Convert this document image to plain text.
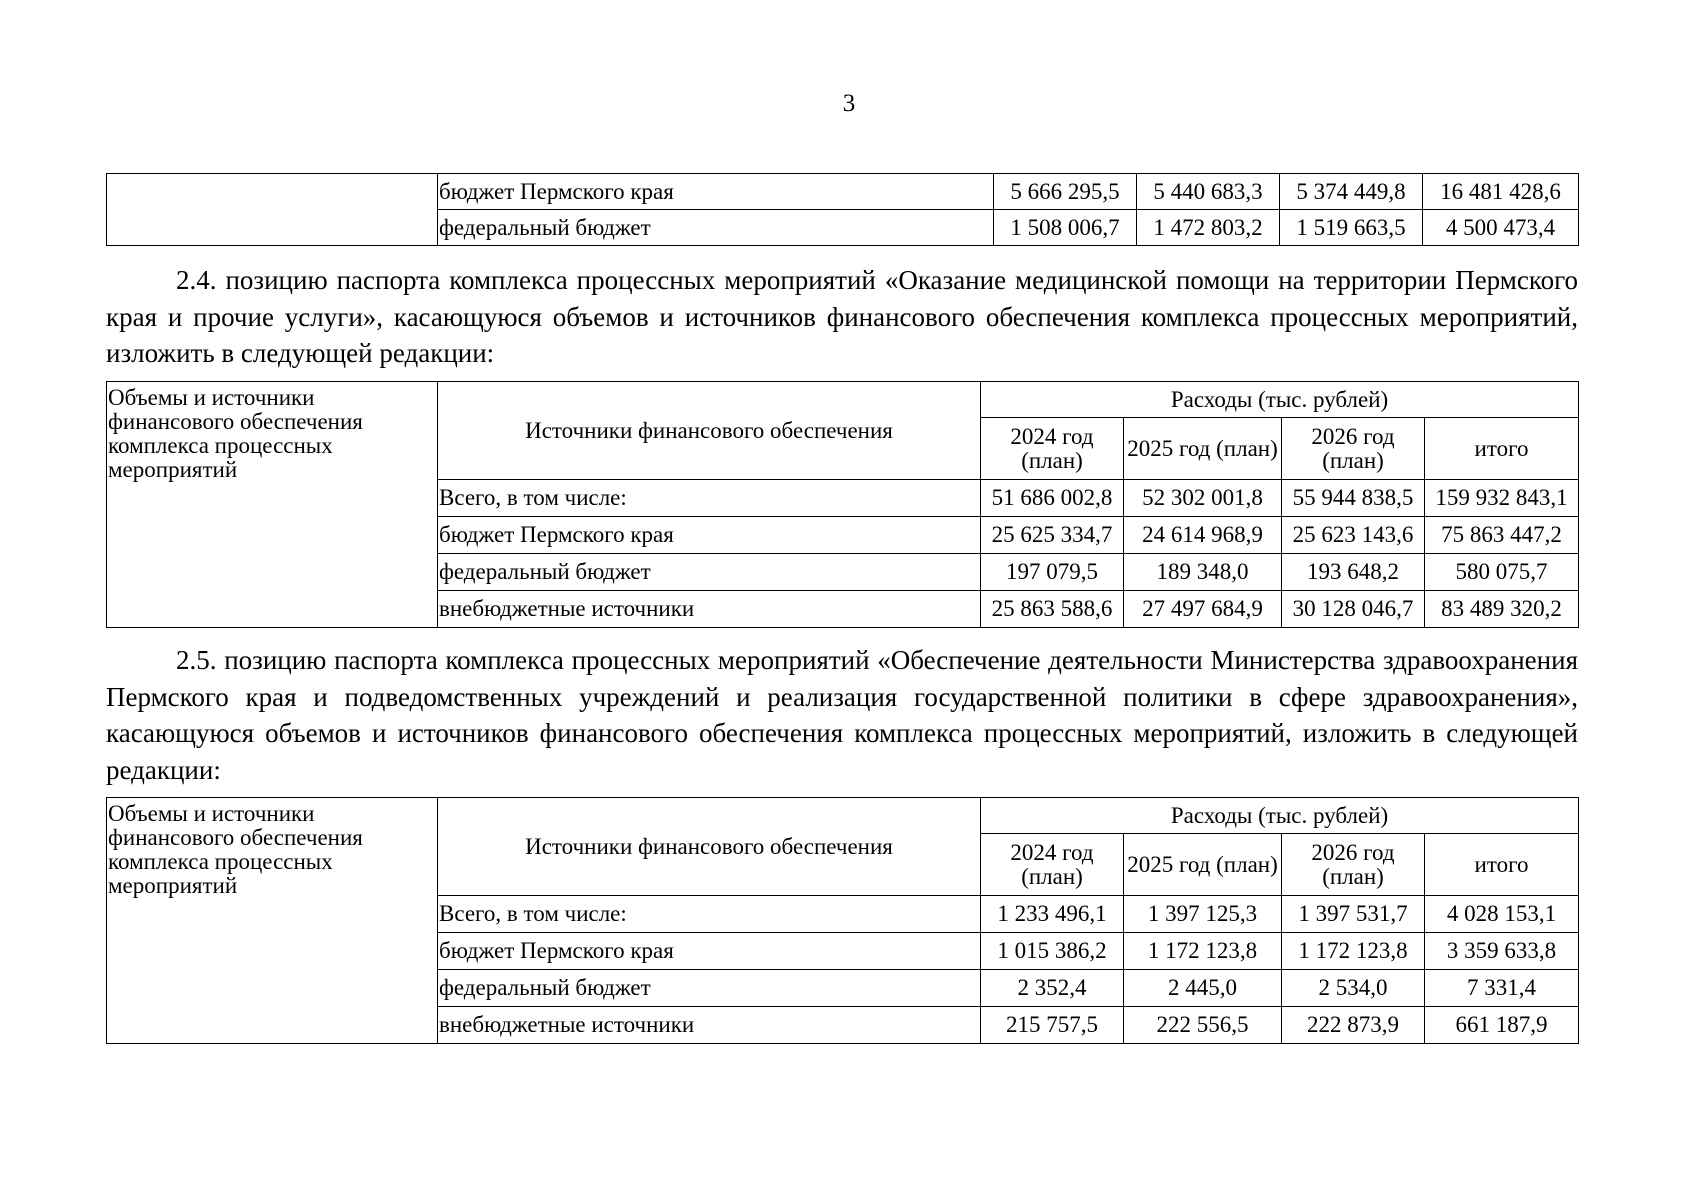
3
	бюджет Пермского края	5 666 295,5	5 440 683,3	5 374 449,8	16 481 428,6
	федеральный бюджет	1 508 006,7	1 472 803,2	1 519 663,5	4 500 473,4

2.4. позицию паспорта комплекса процессных мероприятий «Оказание медицинской помощи на территории Пермского края и прочие услуги», касающуюся объемов и источников финансового обеспечения комплекса процессных мероприятий, изложить в следующей редакции:

Объемы и источники финансового обеспечения комплекса процессных мероприятий	Источники финансового обеспечения	Расходы (тыс. рублей)			
		2024 год (план)	2025 год (план)	2026 год (план)	итого
	Всего, в том числе:	51 686 002,8	52 302 001,8	55 944 838,5	159 932 843,1
	бюджет Пермского края	25 625 334,7	24 614 968,9	25 623 143,6	75 863 447,2
	федеральный бюджет	197 079,5	189 348,0	193 648,2	580 075,7
	внебюджетные источники	25 863 588,6	27 497 684,9	30 128 046,7	83 489 320,2

2.5. позицию паспорта комплекса процессных мероприятий «Обеспечение деятельности Министерства здравоохранения Пермского края и подведомственных учреждений и реализация государственной политики в сфере здравоохранения», касающуюся объемов и источников финансового обеспечения комплекса процессных мероприятий, изложить в следующей редакции:

Объемы и источники финансового обеспечения комплекса процессных мероприятий	Источники финансового обеспечения	Расходы (тыс. рублей)			
		2024 год (план)	2025 год (план)	2026 год (план)	итого
	Всего, в том числе:	1 233 496,1	1 397 125,3	1 397 531,7	4 028 153,1
	бюджет Пермского края	1 015 386,2	1 172 123,8	1 172 123,8	3 359 633,8
	федеральный бюджет	2 352,4	2 445,0	2 534,0	7 331,4
	внебюджетные источники	215 757,5	222 556,5	222 873,9	661 187,9
